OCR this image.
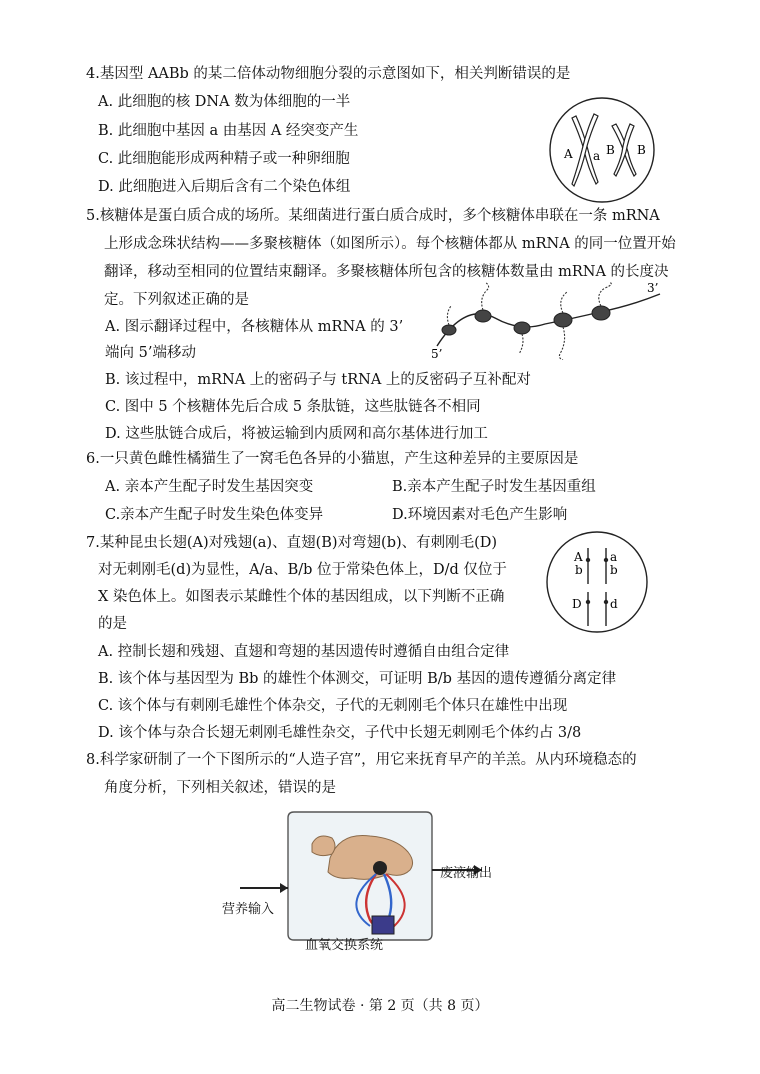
4.基因型 AABb 的某二倍体动物细胞分裂的示意图如下，相关判断错误的是
A. 此细胞的核 DNA 数为体细胞的一半
B. 此细胞中基因 a 由基因 A 经突变产生
C. 此细胞能形成两种精子或一种卵细胞
D. 此细胞进入后期后含有二个染色体组
A a B B
5.核糖体是蛋白质合成的场所。某细菌进行蛋白质合成时，多个核糖体串联在一条 mRNA
上形成念珠状结构——多聚核糖体（如图所示）。每个核糖体都从 mRNA 的同一位置开始
翻译，移动至相同的位置结束翻译。多聚核糖体所包含的核糖体数量由 mRNA 的长度决
定。下列叙述正确的是
A. 图示翻译过程中，各核糖体从 mRNA 的 3’
端向 5’端移动
B. 该过程中，mRNA 上的密码子与 tRNA 上的反密码子互补配对
C. 图中 5 个核糖体先后合成 5 条肽链，这些肽链各不相同
D. 这些肽链合成后，将被运输到内质网和高尔基体进行加工
3’
5’
6.一只黄色雌性橘猫生了一窝毛色各异的小猫崽，产生这种差异的主要原因是
A. 亲本产生配子时发生基因突变	B.亲本产生配子时发生基因重组
C.亲本产生配子时发生染色体变异	D.环境因素对毛色产生影响
7.某种昆虫长翅(A)对残翅(a)、直翅(B)对弯翅(b)、有刺刚毛(D)
对无刺刚毛(d)为显性，A/a、B/b 位于常染色体上，D/d 仅位于
X 染色体上。如图表示某雌性个体的基因组成，以下判断不正确
的是
A. 控制长翅和残翅、直翅和弯翅的基因遗传时遵循自由组合定律
B. 该个体与基因型为 Bb 的雄性个体测交，可证明 B/b 基因的遗传遵循分离定律
C. 该个体与有刺刚毛雄性个体杂交，子代的无刺刚毛个体只在雄性中出现
D. 该个体与杂合长翅无刺刚毛雄性杂交，子代中长翅无刺刚毛个体约占 3/8
A
b
a
b
D d
8.科学家研制了一个下图所示的“人造子宫”，用它来抚育早产的羊羔。从内环境稳态的
角度分析，下列相关叙述，错误的是
营养输入
废液输出
血氧交换系统
高二生物试卷 · 第 2 页（共 8 页）
